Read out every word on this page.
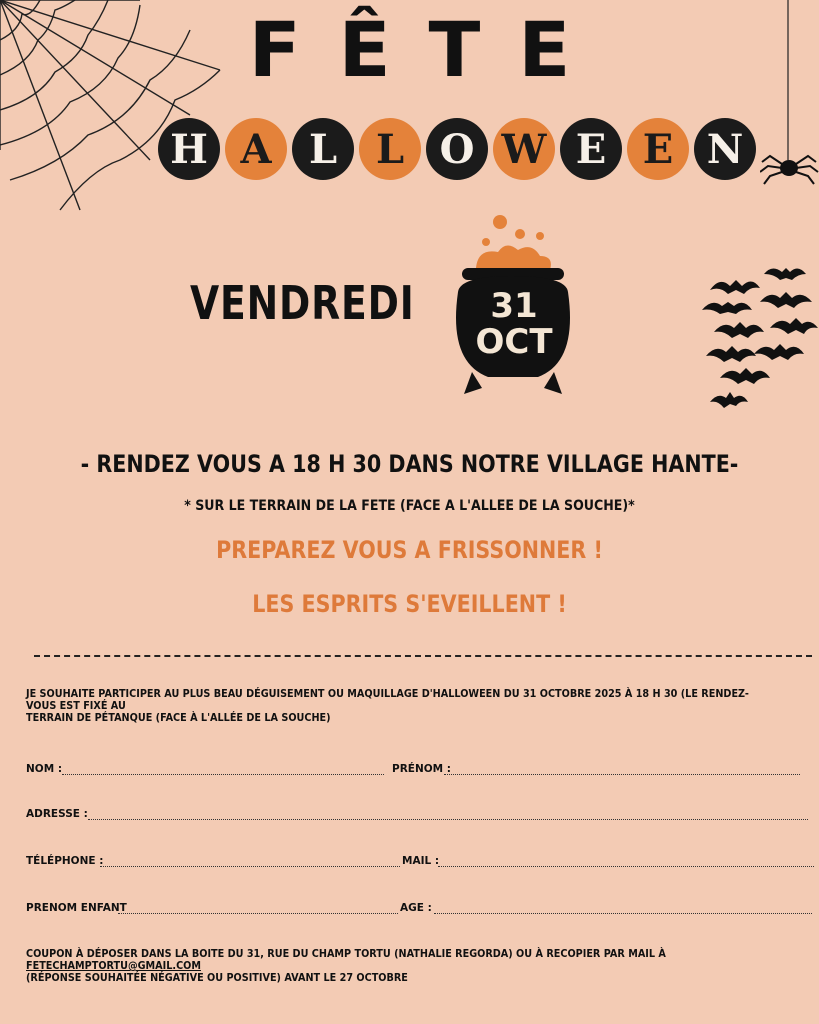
FÊTE
H A L L O W E E N
VENDREDI	31
OCT
- RENDEZ VOUS A 18 H 30 DANS NOTRE VILLAGE HANTE-
* SUR LE TERRAIN DE LA FETE (FACE A L'ALLEE DE LA SOUCHE)*
PREPAREZ VOUS A FRISSONNER !
LES ESPRITS S'EVEILLENT !
JE SOUHAITE PARTICIPER AU PLUS BEAU DÉGUISEMENT OU MAQUILLAGE D'HALLOWEEN DU 31 OCTOBRE 2025 À 18 H 30 (LE RENDEZ-VOUS EST FIXÉ AU
TERRAIN DE PÉTANQUE (FACE À L'ALLÉE DE LA SOUCHE)
NOM :	PRÉNOM :
ADRESSE :
TÉLÉPHONE :	MAIL :
PRENOM ENFANT	AGE :
COUPON À DÉPOSER DANS LA BOITE DU 31, RUE DU CHAMP TORTU (NATHALIE REGORDA) OU À RECOPIER PAR MAIL À FETECHAMPTORTU@GMAIL.COM
(RÉPONSE SOUHAITÉE NÉGATIVE OU POSITIVE) AVANT LE 27 OCTOBRE
